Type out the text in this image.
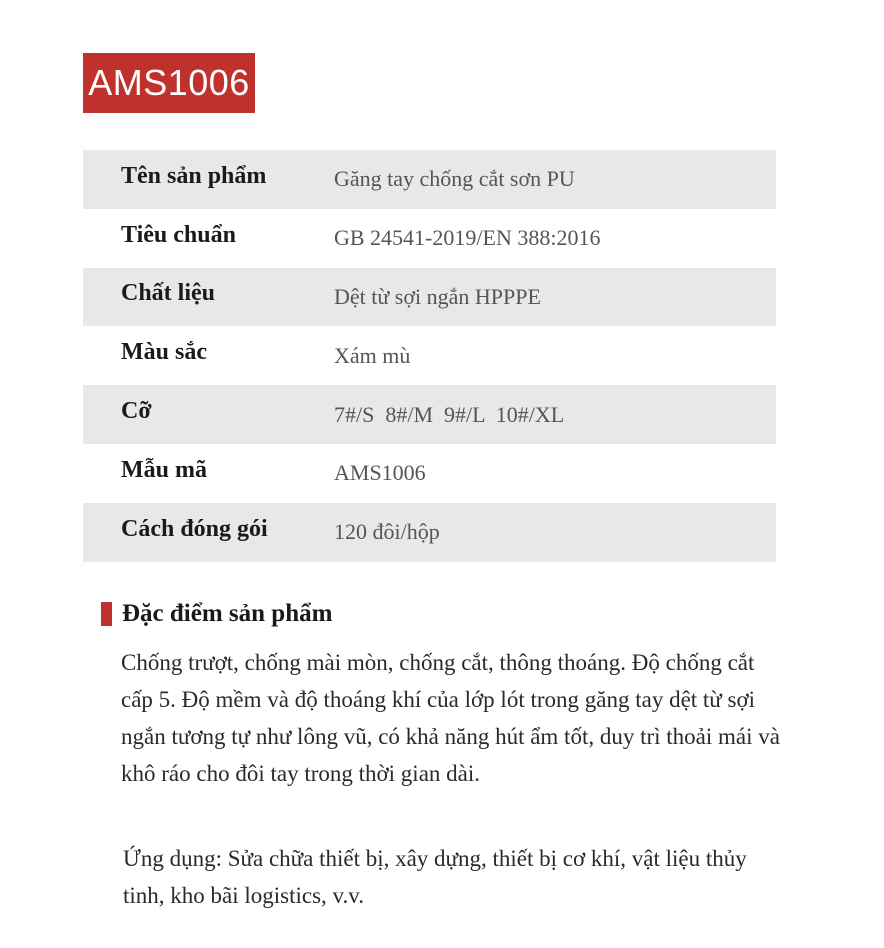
AMS1006
Tên sản phẩm	Găng tay chống cắt sơn PU
Tiêu chuẩn	GB 24541-2019/EN 388:2016
Chất liệu	Dệt từ sợi ngắn HPPPE
Màu sắc	Xám mù
Cỡ	7#/S  8#/M  9#/L  10#/XL
Mẫu mã	AMS1006
Cách đóng gói	120 đôi/hộp
Đặc điểm sản phẩm

Chống trượt, chống mài mòn, chống cắt, thông thoáng. Độ chống cắt cấp 5. Độ mềm và độ thoáng khí của lớp lót trong găng tay dệt từ sợi ngắn tương tự như lông vũ, có khả năng hút ẩm tốt, duy trì thoải mái và khô ráo cho đôi tay trong thời gian dài.

Ứng dụng: Sửa chữa thiết bị, xây dựng, thiết bị cơ khí, vật liệu thủy tinh, kho bãi logistics, v.v.
